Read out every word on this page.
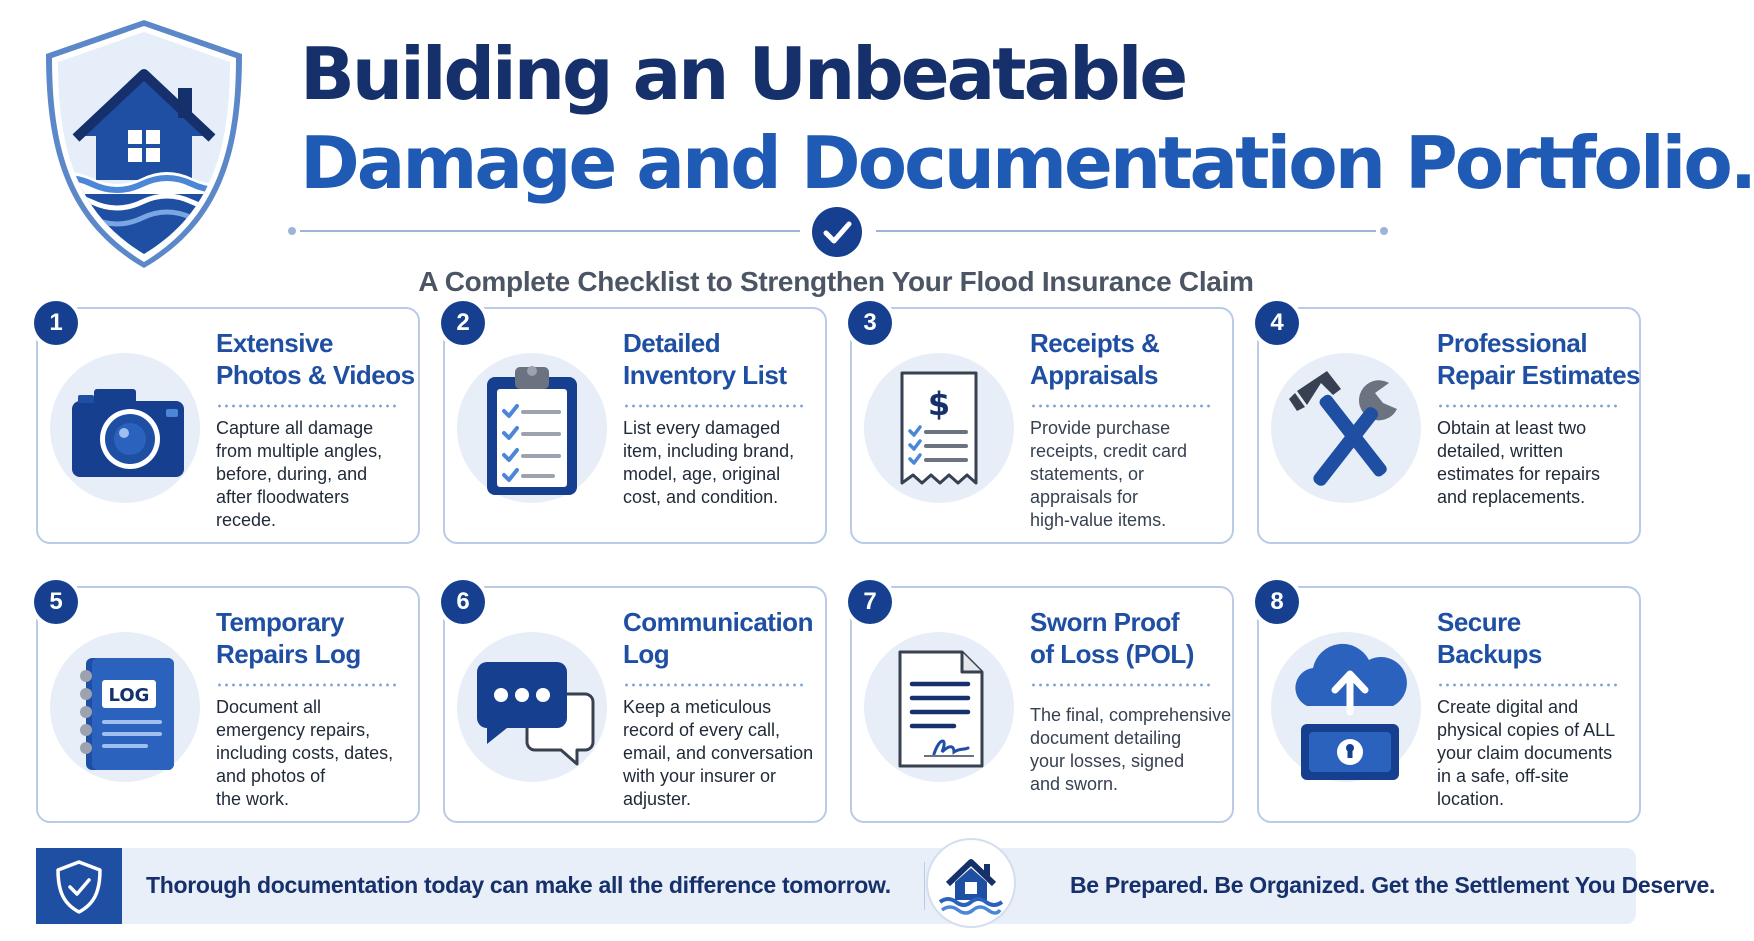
Building an Unbeatable
Damage and Documentation Portfolio.
A Complete Checklist to Strengthen Your Flood Insurance Claim
1
Extensive
Photos & Videos
Capture all damage
from multiple angles,
before, during, and
after floodwaters
recede.
2
Detailed
Inventory List
List every damaged
item, including brand,
model, age, original
cost, and condition.
3
$
Receipts &
Appraisals
Provide purchase
receipts, credit card
statements, or
appraisals for
high-value items.
4
Professional
Repair Estimates
Obtain at least two
detailed, written
estimates for repairs
and replacements.
5
LOG
Temporary
Repairs Log
Document all
emergency repairs,
including costs, dates,
and photos of
the work.
6
Communication
Log
Keep a meticulous
record of every call,
email, and conversation
with your insurer or
adjuster.
7
Sworn Proof
of Loss (POL)
The final, comprehensive
document detailing
your losses, signed
and sworn.
8
Secure
Backups
Create digital and
physical copies of ALL
your claim documents
in a safe, off-site
location.
Thorough documentation today can make all the difference tomorrow.	Be Prepared. Be Organized. Get the Settlement You Deserve.
